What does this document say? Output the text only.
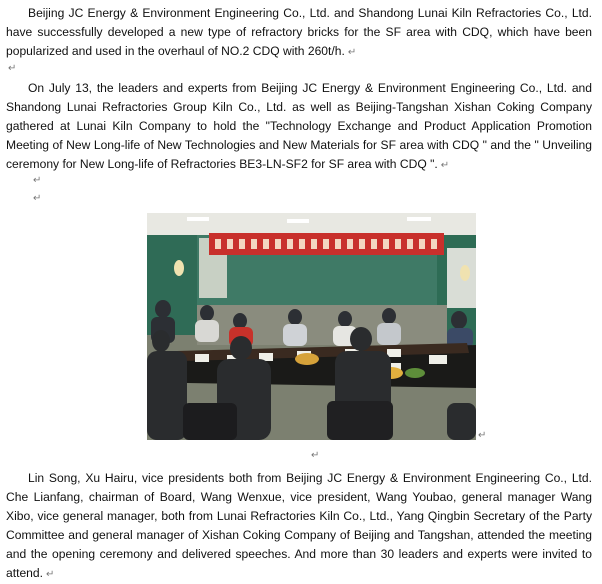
Beijing JC Energy & Environment Engineering Co., Ltd. and Shandong Lunai Kiln Refractories Co., Ltd. have successfully developed a new type of refractory bricks for the SF area with CDQ, which have been popularized and used in the overhaul of NO.2 CDQ with 260t/h. ↵

↵

On July 13, the leaders and experts from Beijing JC Energy & Environment Engineering Co., Ltd. and Shandong Lunai Refractories Group Kiln Co., Ltd. as well as Beijing-Tangshan Xishan Coking Company gathered at Lunai Kiln Company to hold the "Technology Exchange and Product Application Promotion Meeting of New Long-life of New Technologies and New Materials for SF area with CDQ " and the " Unveiling ceremony for New Long-life of Refractories BE3-LN-SF2 for SF area with CDQ ". ↵

↵
↵
↵
↵

Lin Song, Xu Hairu, vice presidents both from Beijing JC Energy & Environment Engineering Co., Ltd. Che Lianfang, chairman of Board, Wang Wenxue, vice president, Wang Youbao, general manager Wang Xibo, vice general manager, both from Lunai Refractories Kiln Co., Ltd., Yang Qingbin Secretary of the Party Committee and general manager of Xishan Coking Company of Beijing and Tangshan, attended the meeting and the opening ceremony and delivered speeches. And more than 30 leaders and experts were invited to attend. ↵
